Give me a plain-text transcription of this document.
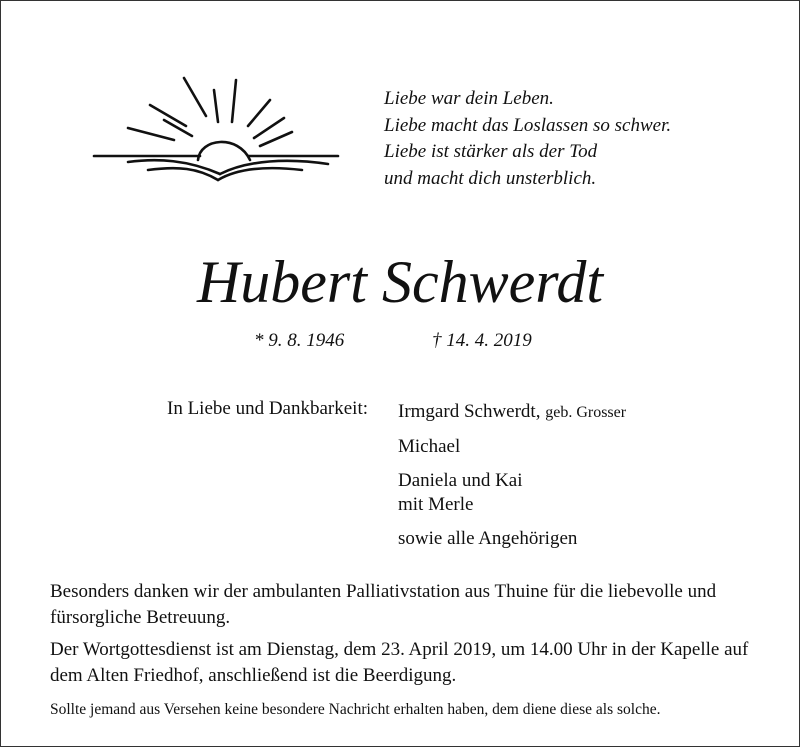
Liebe war dein Leben.
Liebe macht das Loslassen so schwer.
Liebe ist stärker als der Tod
und macht dich unsterblich.
Hubert Schwerdt
* 9. 8. 1946	† 14. 4. 2019
In Liebe und Dankbarkeit: Irmgard Schwerdt, geb. Grosser
Michael
Daniela und Kai
mit Merle
sowie alle Angehörigen

Besonders danken wir der ambulanten Palliativstation aus Thuine für die liebevolle und fürsorgliche Betreuung.

Der Wortgottesdienst ist am Dienstag, dem 23. April 2019, um 14.00 Uhr in der Kapelle auf dem Alten Friedhof, anschließend ist die Beerdigung.

Sollte jemand aus Versehen keine besondere Nachricht erhalten haben, dem diene diese als solche.
